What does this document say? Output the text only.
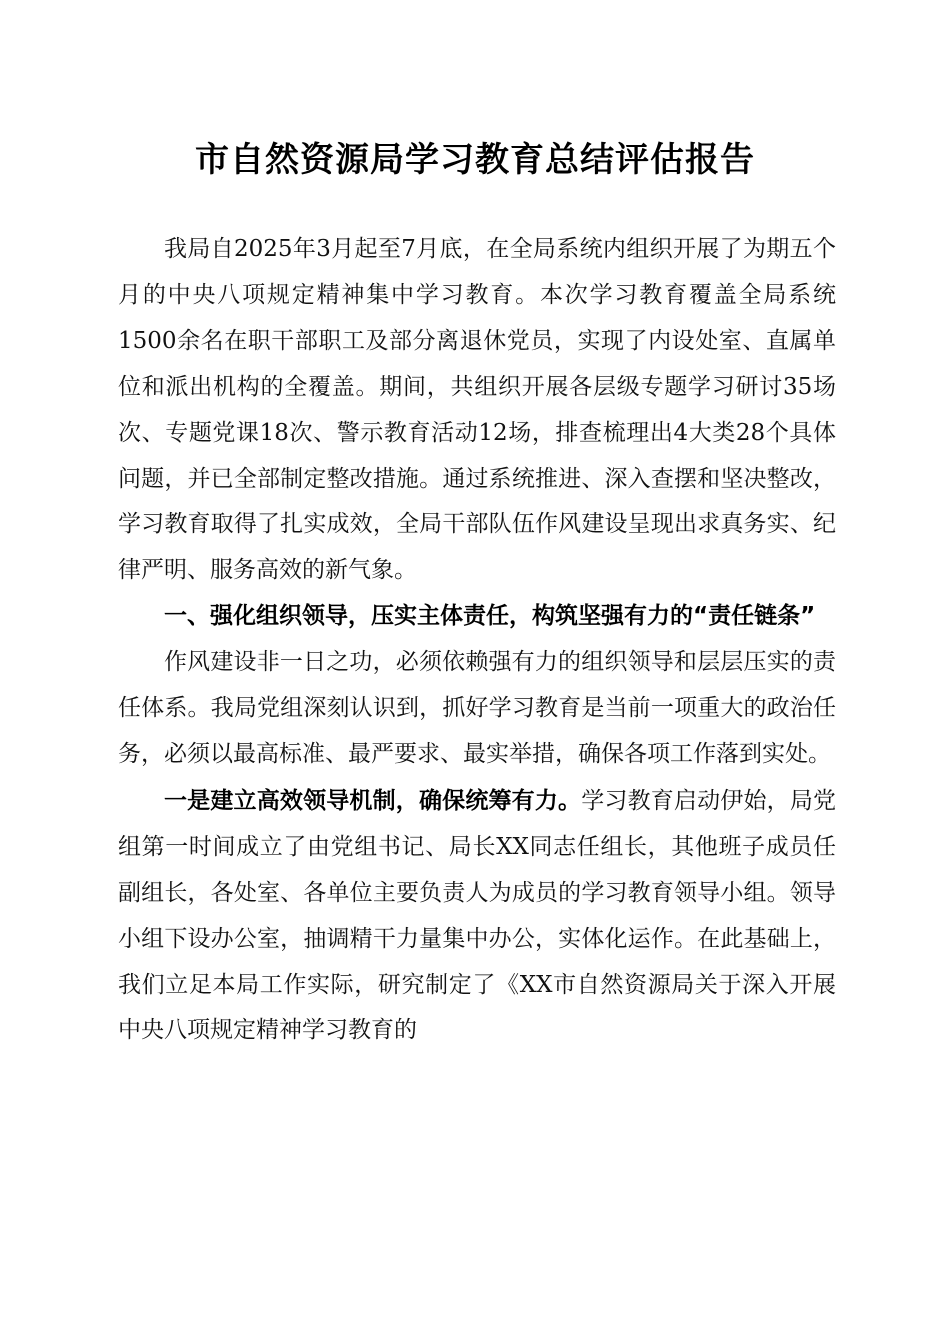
市自然资源局学习教育总结评估报告

我局自2025年3月起至7月底，在全局系统内组织开展了为期五个月的中央八项规定精神集中学习教育。本次学习教育覆盖全局系统1500余名在职干部职工及部分离退休党员，实现了内设处室、直属单位和派出机构的全覆盖。期间，共组织开展各层级专题学习研讨35场次、专题党课18次、警示教育活动12场，排查梳理出4大类28个具体问题，并已全部制定整改措施。通过系统推进、深入查摆和坚决整改，学习教育取得了扎实成效，全局干部队伍作风建设呈现出求真务实、纪律严明、服务高效的新气象。

一、强化组织领导，压实主体责任，构筑坚强有力的“责任链条”

作风建设非一日之功，必须依赖强有力的组织领导和层层压实的责任体系。我局党组深刻认识到，抓好学习教育是当前一项重大的政治任务，必须以最高标准、最严要求、最实举措，确保各项工作落到实处。

一是建立高效领导机制，确保统筹有力。学习教育启动伊始，局党组第一时间成立了由党组书记、局长XX同志任组长，其他班子成员任副组长，各处室、各单位主要负责人为成员的学习教育领导小组。领导小组下设办公室，抽调精干力量集中办公，实体化运作。在此基础上，我们立足本局工作实际，研究制定了《XX市自然资源局关于深入开展中央八项规定精神学习教育的
